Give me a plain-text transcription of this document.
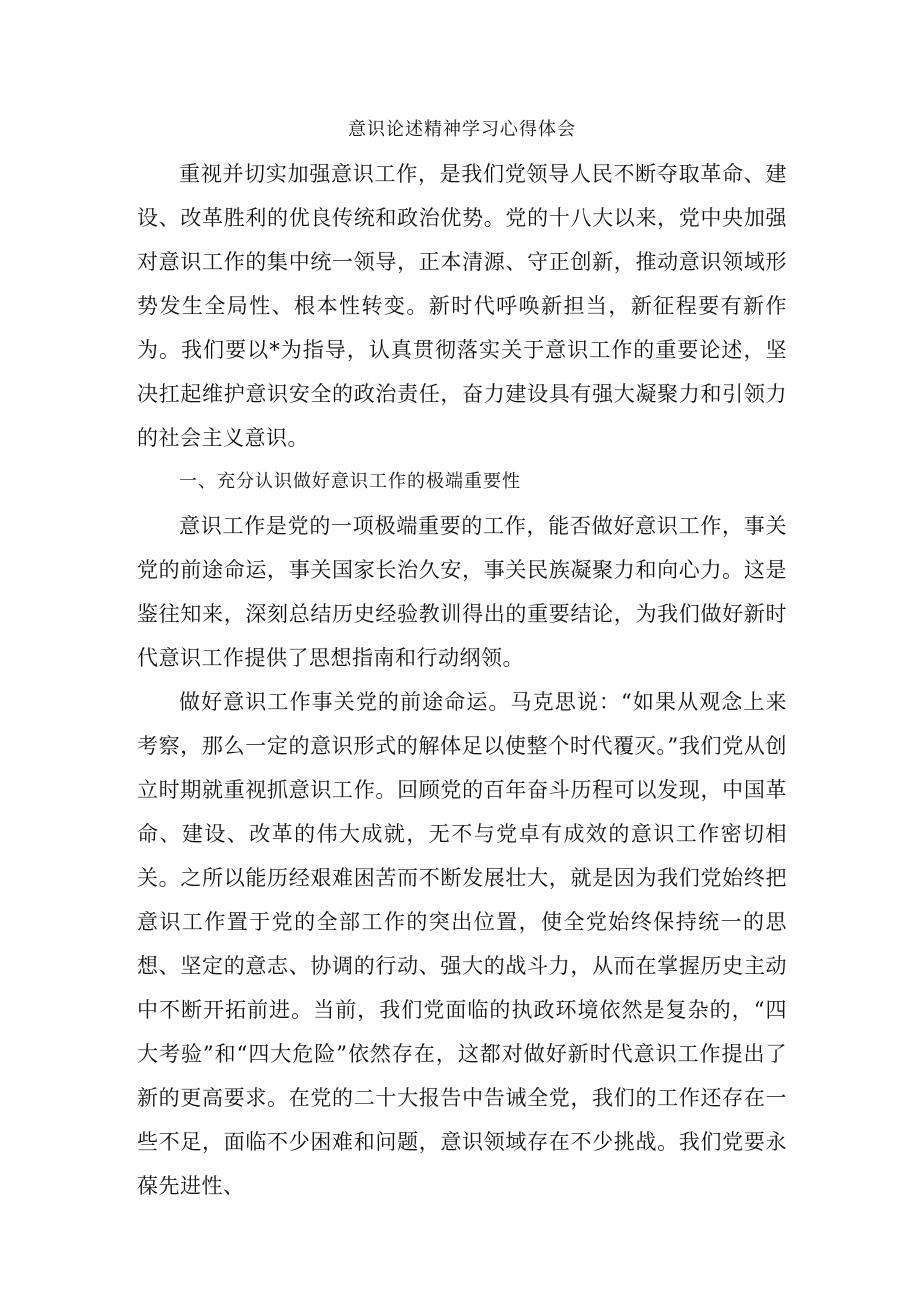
意识论述精神学习心得体会

重视并切实加强意识工作，是我们党领导人民不断夺取革命、建设、改革胜利的优良传统和政治优势。党的十八大以来，党中央加强对意识工作的集中统一领导，正本清源、守正创新，推动意识领域形势发生全局性、根本性转变。新时代呼唤新担当，新征程要有新作为。我们要以*为指导，认真贯彻落实关于意识工作的重要论述，坚决扛起维护意识安全的政治责任，奋力建设具有强大凝聚力和引领力的社会主义意识。

一、充分认识做好意识工作的极端重要性

意识工作是党的一项极端重要的工作，能否做好意识工作，事关党的前途命运，事关国家长治久安，事关民族凝聚力和向心力。这是鉴往知来，深刻总结历史经验教训得出的重要结论，为我们做好新时代意识工作提供了思想指南和行动纲领。

做好意识工作事关党的前途命运。马克思说：“如果从观念上来考察，那么一定的意识形式的解体足以使整个时代覆灭。”我们党从创立时期就重视抓意识工作。回顾党的百年奋斗历程可以发现，中国革命、建设、改革的伟大成就，无不与党卓有成效的意识工作密切相关。之所以能历经艰难困苦而不断发展壮大，就是因为我们党始终把意识工作置于党的全部工作的突出位置，使全党始终保持统一的思想、坚定的意志、协调的行动、强大的战斗力，从而在掌握历史主动中不断开拓前进。当前，我们党面临的执政环境依然是复杂的，“四大考验”和“四大危险”依然存在，这都对做好新时代意识工作提出了新的更高要求。在党的二十大报告中告诫全党，我们的工作还存在一些不足，面临不少困难和问题，意识领域存在不少挑战。我们党要永葆先进性、
